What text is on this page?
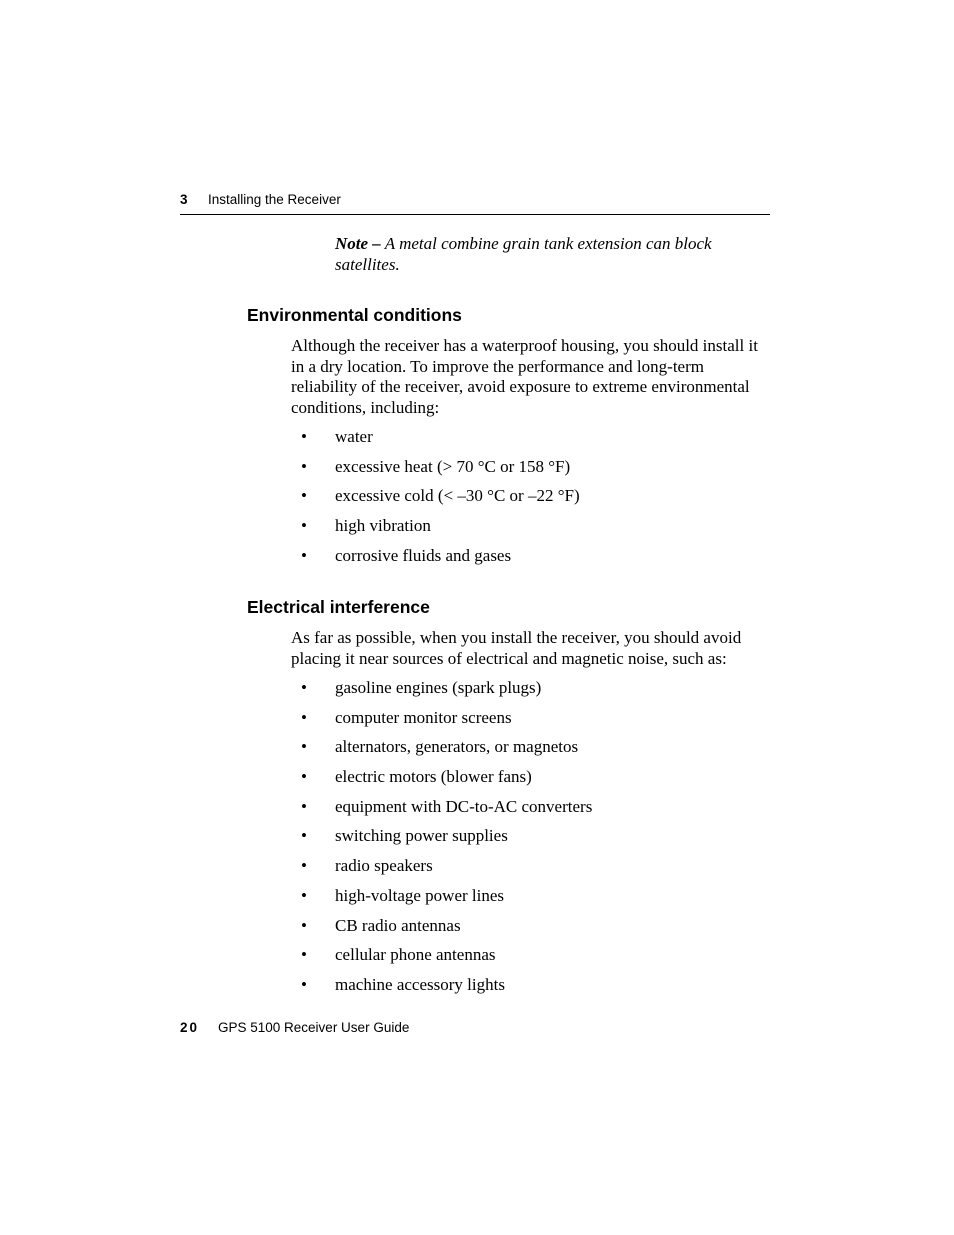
3 Installing the Receiver
Note – A metal combine grain tank extension can block satellites.
Environmental conditions

Although the receiver has a waterproof housing, you should install it in a dry location. To improve the performance and long-term reliability of the receiver, avoid exposure to extreme environmental conditions, including:

• water
• excessive heat (> 70 °C or 158 °F)
• excessive cold (< –30 °C or –22 °F)
• high vibration
• corrosive fluids and gases
Electrical interference

As far as possible, when you install the receiver, you should avoid placing it near sources of electrical and magnetic noise, such as:

• gasoline engines (spark plugs)
• computer monitor screens
• alternators, generators, or magnetos
• electric motors (blower fans)
• equipment with DC-to-AC converters
• switching power supplies
• radio speakers
• high-voltage power lines
• CB radio antennas
• cellular phone antennas
• machine accessory lights
20 GPS 5100 Receiver User Guide
